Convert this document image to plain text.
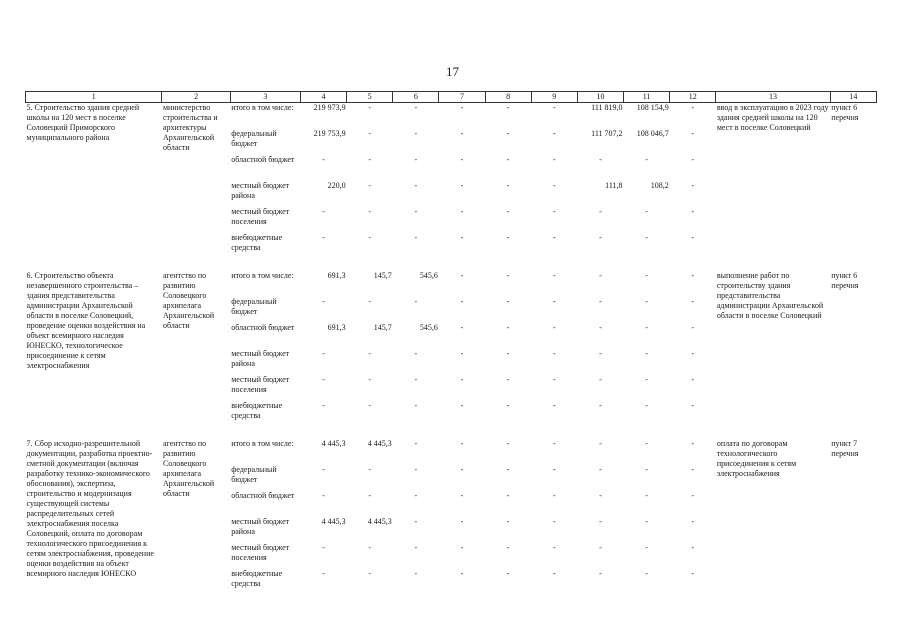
17
1	2	3	4	5	6	7	8	9	10	11	12	13	14
5. Строительство здания средней школы на 120 мест в поселке Соловецкий Приморского муниципального района	министерство строительства и архитектуры Архангельской области	итого в том числе:	219 973,9	-	-	-	-	-	111 819,0	108 154,9	-	ввод в эксплуатацию в 2023 году здания средней школы на 120 мест в поселке Соловецкий	пункт 6 перечня
		федеральный бюджет	219 753,9	-	-	-	-	-	111 707,2	108 046,7	-		
		областной бюджет	-	-	-	-	-	-	-	-	-		
		местный бюджет района	220,0	-	-	-	-	-	111,8	108,2	-		
		местный бюджет поселения	-	-	-	-	-	-	-	-	-		
		внебюджетные средства	-	-	-	-	-	-	-	-	-		

6. Строительство объекта незавершенного строительства – здания представительства администрации Архангельской области в поселке Соловецкий, проведение оценки воздействия на объект всемирного наследия ЮНЕСКО, технологическое присоединение к сетям электроснабжения	агентство по развитию Соловецкого архипелага Архангельской области	итого в том числе:	691,3	145,7	545,6	-	-	-	-	-	-	выполнение работ по строительству здания представительства администрации Архангельской области в поселке Соловецкий	пункт 6 перечня
		федеральный бюджет	-	-	-	-	-	-	-	-	-		
		областной бюджет	691,3	145,7	545,6	-	-	-	-	-	-		
		местный бюджет района	-	-	-	-	-	-	-	-	-		
		местный бюджет поселения	-	-	-	-	-	-	-	-	-		
		внебюджетные средства	-	-	-	-	-	-	-	-	-		

7. Сбор исходно-разрешительной документации, разработка проектно-сметной документации (включая разработку технико-экономического обоснования), экспертиза, строительство и модернизация существующей системы распределительных сетей электроснабжения поселка Соловецкий, оплата по договорам технологического присоединения к сетям электроснабжения, проведение оценки воздействия на объект всемирного наследия ЮНЕСКО	агентство по развитию Соловецкого архипелага Архангельской области	итого в том числе:	4 445,3	4 445,3	-	-	-	-	-	-	-	оплата по договорам технологического присоединения к сетям электроснабжения	пункт 7 перечня
		федеральный бюджет	-	-	-	-	-	-	-	-	-		
		областной бюджет	-	-	-	-	-	-	-	-	-		
		местный бюджет района	4 445,3	4 445,3	-	-	-	-	-	-	-		
		местный бюджет поселения	-	-	-	-	-	-	-	-	-		
		внебюджетные средства	-	-	-	-	-	-	-	-	-		
